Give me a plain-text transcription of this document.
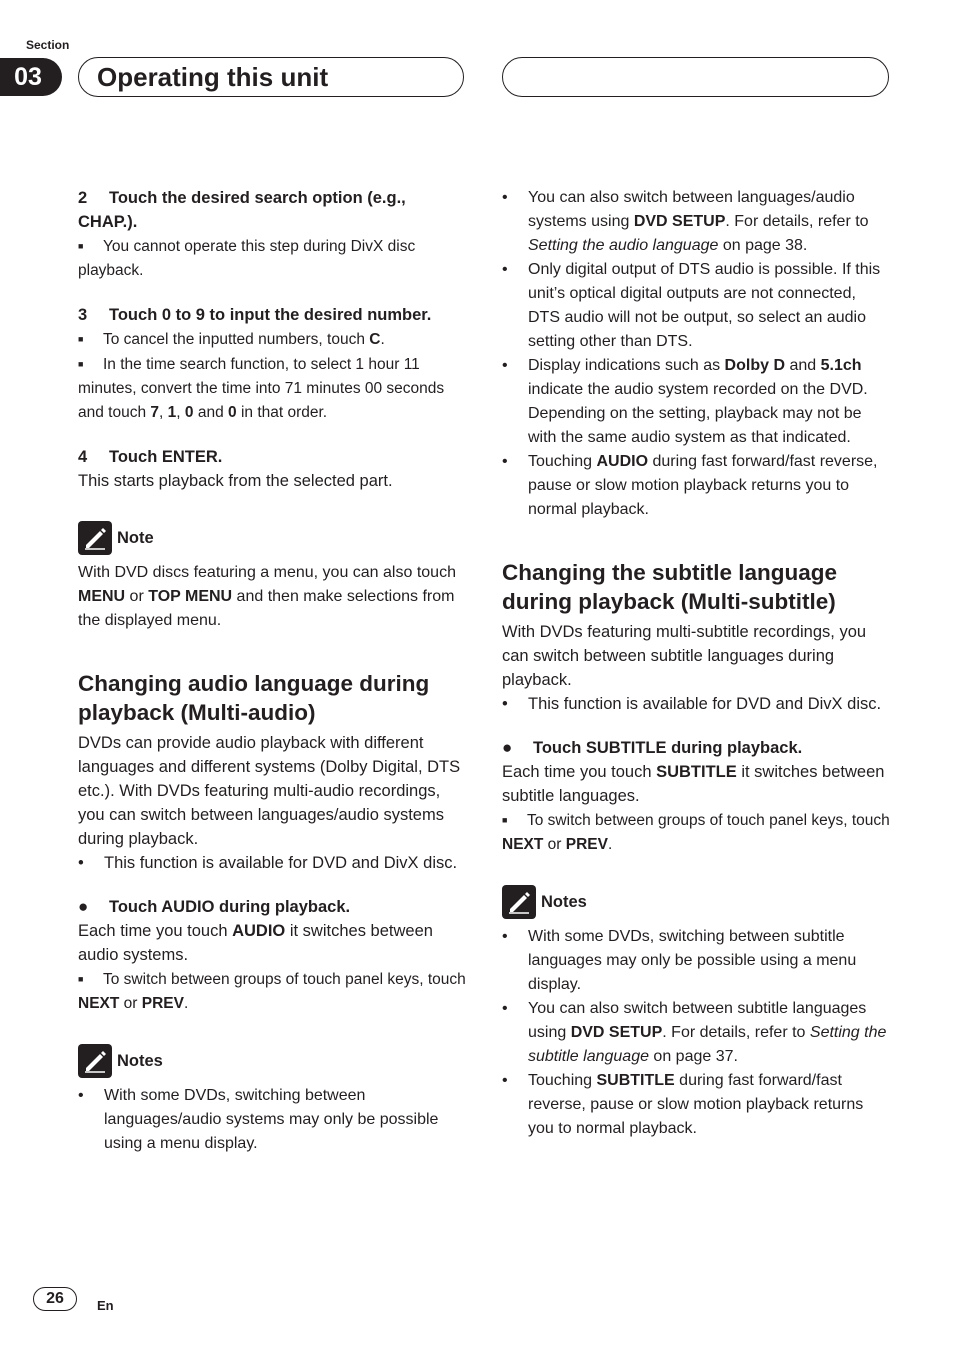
Section
03	Operating this unit

2 Touch the desired search option (e.g., CHAP.).

■ You cannot operate this step during DivX disc playback.

3 Touch 0 to 9 to input the desired number.

■ To cancel the inputted numbers, touch C.

■ In the time search function, to select 1 hour 11 minutes, convert the time into 71 minutes 00 seconds and touch 7, 1, 0 and 0 in that order.

4 Touch ENTER.

This starts playback from the selected part.

Note

With DVD discs featuring a menu, you can also touch MENU or TOP MENU and then make selections from the displayed menu.

Changing audio language during playback (Multi-audio)

DVDs can provide audio playback with different languages and different systems (Dolby Digital, DTS etc.). With DVDs featuring multi-audio recordings, you can switch between languages/audio systems during playback.

• This function is available for DVD and DivX disc.

● Touch AUDIO during playback.

Each time you touch AUDIO it switches between audio systems.

■ To switch between groups of touch panel keys, touch NEXT or PREV.

Notes

• With some DVDs, switching between languages/audio systems may only be possible using a menu display.

• You can also switch between languages/audio systems using DVD SETUP. For details, refer to Setting the audio language on page 38.

• Only digital output of DTS audio is possible. If this unit’s optical digital outputs are not connected, DTS audio will not be output, so select an audio setting other than DTS.

• Display indications such as Dolby D and 5.1ch indicate the audio system recorded on the DVD. Depending on the setting, playback may not be with the same audio system as that indicated.

• Touching AUDIO during fast forward/fast reverse, pause or slow motion playback returns you to normal playback.

Changing the subtitle language during playback (Multi-subtitle)

With DVDs featuring multi-subtitle recordings, you can switch between subtitle languages during playback.

• This function is available for DVD and DivX disc.

● Touch SUBTITLE during playback.

Each time you touch SUBTITLE it switches between subtitle languages.

■ To switch between groups of touch panel keys, touch NEXT or PREV.

Notes

• With some DVDs, switching between subtitle languages may only be possible using a menu display.

• You can also switch between subtitle languages using DVD SETUP. For details, refer to Setting the subtitle language on page 37.

• Touching SUBTITLE during fast forward/fast reverse, pause or slow motion playback returns you to normal playback.

26	En
